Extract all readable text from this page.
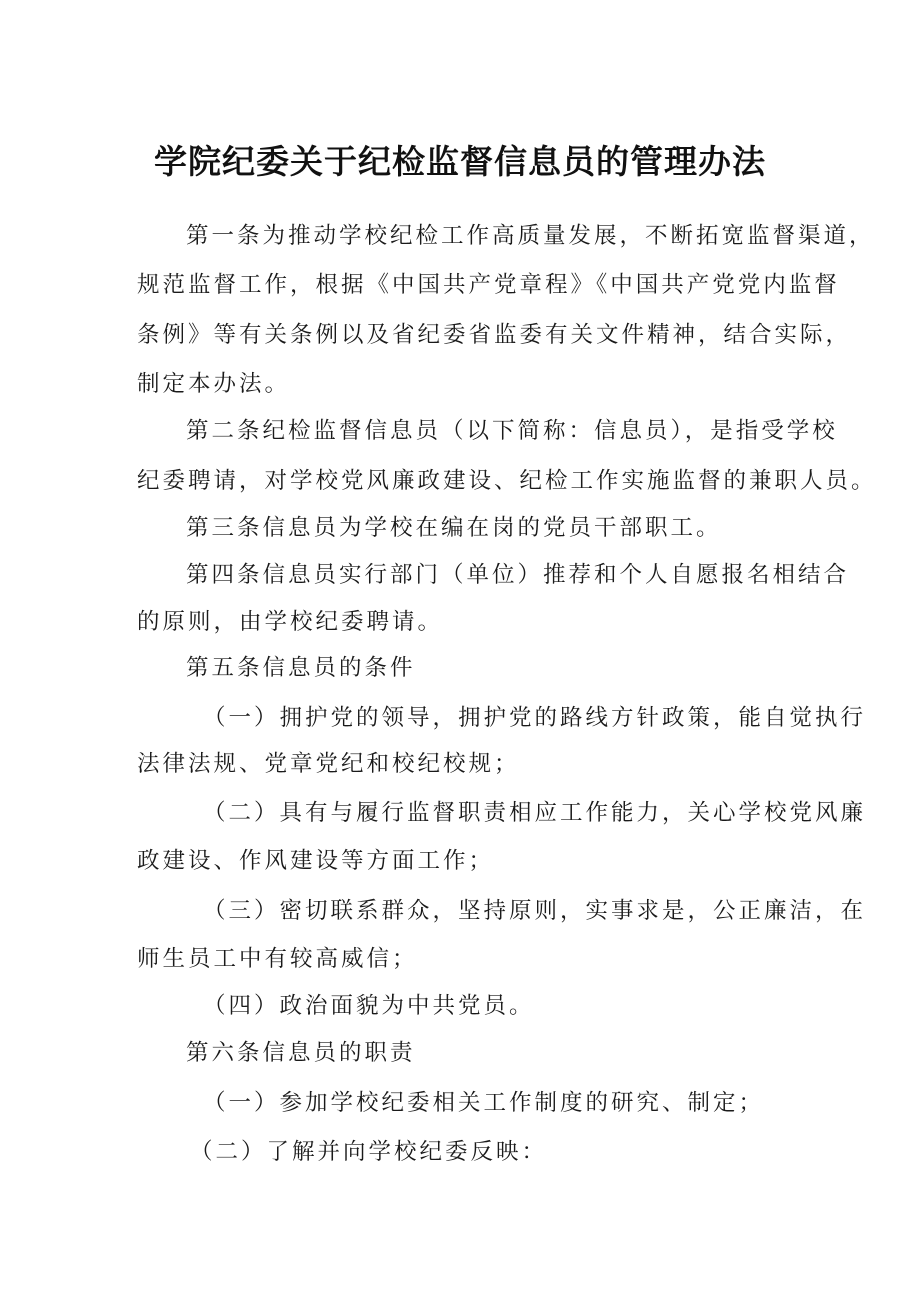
学院纪委关于纪检监督信息员的管理办法

第一条为推动学校纪检工作高质量发展，不断拓宽监督渠道，

规范监督工作，根据《中国共产党章程》《中国共产党党内监督

条例》等有关条例以及省纪委省监委有关文件精神，结合实际，

制定本办法。

第二条纪检监督信息员（以下简称：信息员），是指受学校

纪委聘请，对学校党风廉政建设、纪检工作实施监督的兼职人员。

第三条信息员为学校在编在岗的党员干部职工。

第四条信息员实行部门（单位）推荐和个人自愿报名相结合

的原则，由学校纪委聘请。

第五条信息员的条件

（一）拥护党的领导，拥护党的路线方针政策，能自觉执行

法律法规、党章党纪和校纪校规；

（二）具有与履行监督职责相应工作能力，关心学校党风廉

政建设、作风建设等方面工作；

（三）密切联系群众，坚持原则，实事求是，公正廉洁，在

师生员工中有较高威信；

（四）政治面貌为中共党员。

第六条信息员的职责

（一）参加学校纪委相关工作制度的研究、制定；

（二）了解并向学校纪委反映：
